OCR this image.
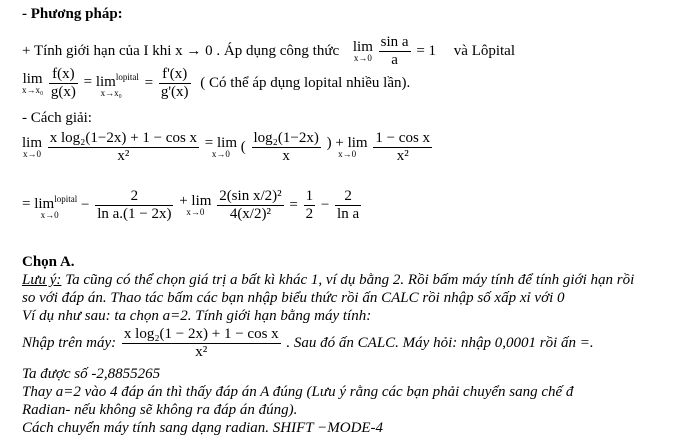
- Phương pháp:
+ Tính giới hạn của I khi x → 0 . Áp dụng công thức lim
x→0
$\frac{\text{sin a}}{a} = 1$ và Lôpital
lim
x→x₀
$\frac{f(x)}{g(x)} = \lim^{lopital}$
x→x₀
= $\frac{f'(x)}{g'(x)}$ ( Có thể áp dụng lopital nhiều lần).
- Cách giải:
lim
x→0
$\frac{\text{x log₂(1−2x) + 1 − cos x}}{\text{x²}} = \lim$
x→0 ( $\frac{\text{log₂(1−2x)}}{x}$ ) + lim
x→0
	$\frac{\text{1 − cos x}}{\text{x²}}$
= $\lim^{lopital}$
x→0
− $\frac{2}{\text{ln a.(1 − 2x)}} + \lim$
x→0
$\frac{\text{2(sin x/2)²}}{\text{4(x/2)²}} = \frac{1}{2} - \frac{2}{\text{ln a}}$
Chọn A.
Lưu ý: Ta cũng có thể chọn giá trị a bất kì khác 1, ví dụ bằng 2. Rồi bấm máy tính để tính giới hạn rồi
so với đáp án. Thao tác bấm các bạn nhập biểu thức rồi ấn CALC rồi nhập số xấp xỉ với 0
Ví dụ như sau: ta chọn a=2. Tính giới hạn bằng máy tính:
Nhập trên máy: $\frac{\text{x log₂(1 − 2x) + 1 − cos x}}{\text{x²}}$ . Sau đó ấn CALC. Máy hỏi: nhập 0,0001 rồi ấn =.
Ta được số -2,8855265
Thay a=2 vào 4 đáp án thì thấy đáp án A đúng (Lưu ý rằng các bạn phải chuyển sang chế đ
Radian- nếu không sẽ không ra đáp án đúng).
Cách chuyển máy tính sang dạng radian. SHIFT −MODE-4
